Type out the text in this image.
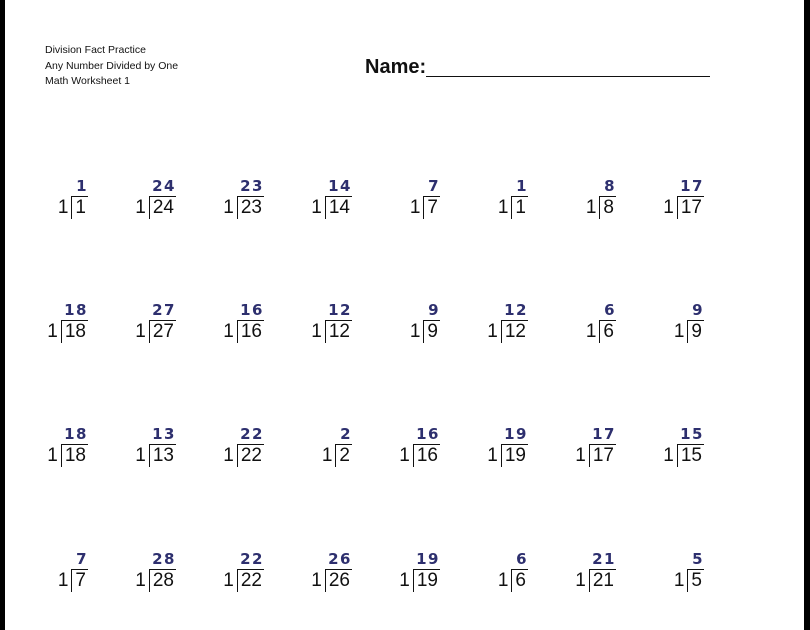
Division Fact Practice
Any Number Divided by One
Math Worksheet 1
Name:
1
1 1
24
1 24
23
1 23
14
1 14
7
1 7
1
1 1
8
1 8
17
1 17
18
1 18
27
1 27
16
1 16
12
1 12
9
1 9
12
1 12
6
1 6
9
1 9
18
1 18
13
1 13
22
1 22
2
1 2
16
1 16
19
1 19
17
1 17
15
1 15
7
1 7
28
1 28
22
1 22
26
1 26
19
1 19
6
1 6
21
1 21
5
1 5
